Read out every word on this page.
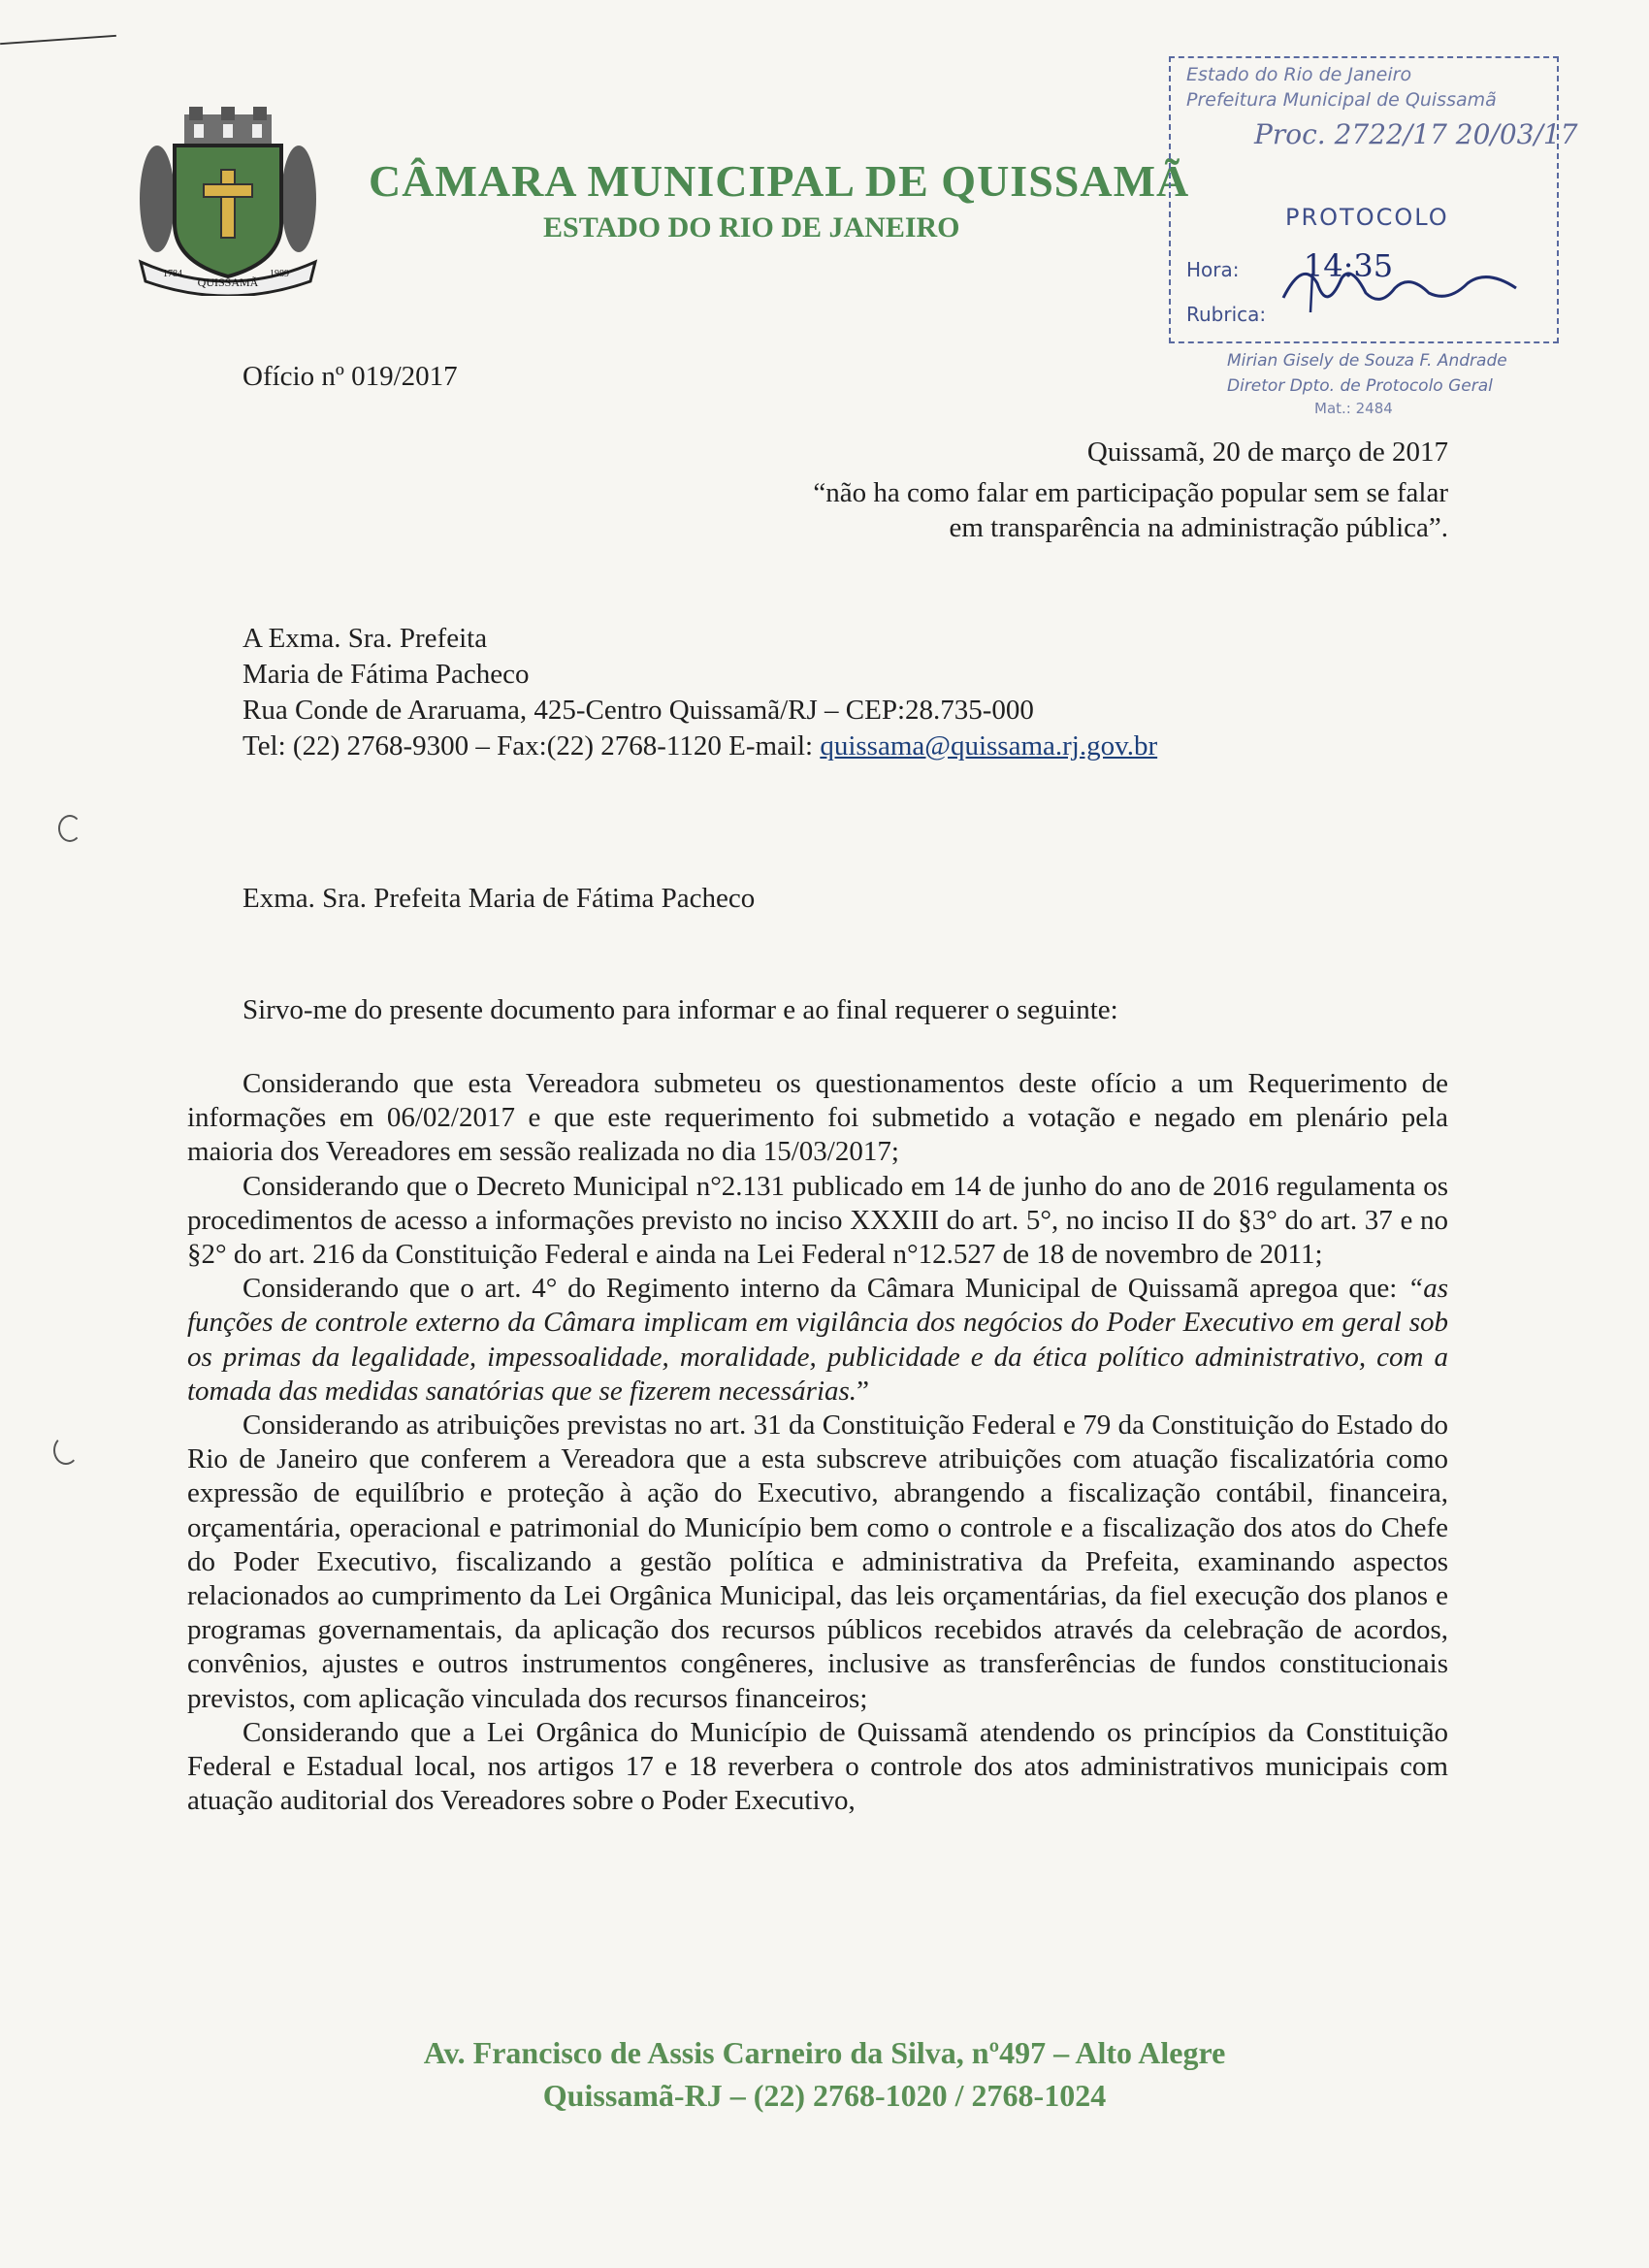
QUISSAMÃ
1784	1989
CÂMARA MUNICIPAL DE QUISSAMÃ
ESTADO DO RIO DE JANEIRO
Estado do Rio de Janeiro
Prefeitura Municipal de Quissamã
Proc. 2722/17 20/03/17
PROTOCOLO
Hora: 14:35
Rubrica:
Mirian Gisely de Souza F. Andrade
Diretor Dpto. de Protocolo Geral
Mat.: 2484
Ofício nº 019/2017
Quissamã, 20 de março de 2017
“não ha como falar em participação popular sem se falar em transparência na administração pública”.
A Exma. Sra. Prefeita
Maria de Fátima Pacheco
Rua Conde de Araruama, 425-Centro Quissamã/RJ – CEP:28.735-000
Tel: (22) 2768-9300 – Fax:(22) 2768-1120 E-mail: quissama@quissama.rj.gov.br
Exma. Sra. Prefeita Maria de Fátima Pacheco
Sirvo-me do presente documento para informar e ao final requerer o seguinte:

Considerando que esta Vereadora submeteu os questionamentos deste ofício a um Requerimento de informações em 06/02/2017 e que este requerimento foi submetido a votação e negado em plenário pela maioria dos Vereadores em sessão realizada no dia 15/03/2017;

Considerando que o Decreto Municipal n°2.131 publicado em 14 de junho do ano de 2016 regulamenta os procedimentos de acesso a informações previsto no inciso XXXIII do art. 5°, no inciso II do §3° do art. 37 e no §2° do art. 216 da Constituição Federal e ainda na Lei Federal n°12.527 de 18 de novembro de 2011;

Considerando que o art. 4° do Regimento interno da Câmara Municipal de Quissamã apregoa que: “as funções de controle externo da Câmara implicam em vigilância dos negócios do Poder Executivo em geral sob os primas da legalidade, impessoalidade, moralidade, publicidade e da ética político administrativo, com a tomada das medidas sanatórias que se fizerem necessárias.”

Considerando as atribuições previstas no art. 31 da Constituição Federal e 79 da Constituição do Estado do Rio de Janeiro que conferem a Vereadora que a esta subscreve atribuições com atuação fiscalizatória como expressão de equilíbrio e proteção à ação do Executivo, abrangendo a fiscalização contábil, financeira, orçamentária, operacional e patrimonial do Município bem como o controle e a fiscalização dos atos do Chefe do Poder Executivo, fiscalizando a gestão política e administrativa da Prefeita, examinando aspectos relacionados ao cumprimento da Lei Orgânica Municipal, das leis orçamentárias, da fiel execução dos planos e programas governamentais, da aplicação dos recursos públicos recebidos através da celebração de acordos, convênios, ajustes e outros instrumentos congêneres, inclusive as transferências de fundos constitucionais previstos, com aplicação vinculada dos recursos financeiros;

Considerando que a Lei Orgânica do Município de Quissamã atendendo os princípios da Constituição Federal e Estadual local, nos artigos 17 e 18 reverbera o controle dos atos administrativos municipais com atuação auditorial dos Vereadores sobre o Poder Executivo,

Av. Francisco de Assis Carneiro da Silva, nº497 – Alto Alegre
Quissamã-RJ – (22) 2768-1020 / 2768-1024
